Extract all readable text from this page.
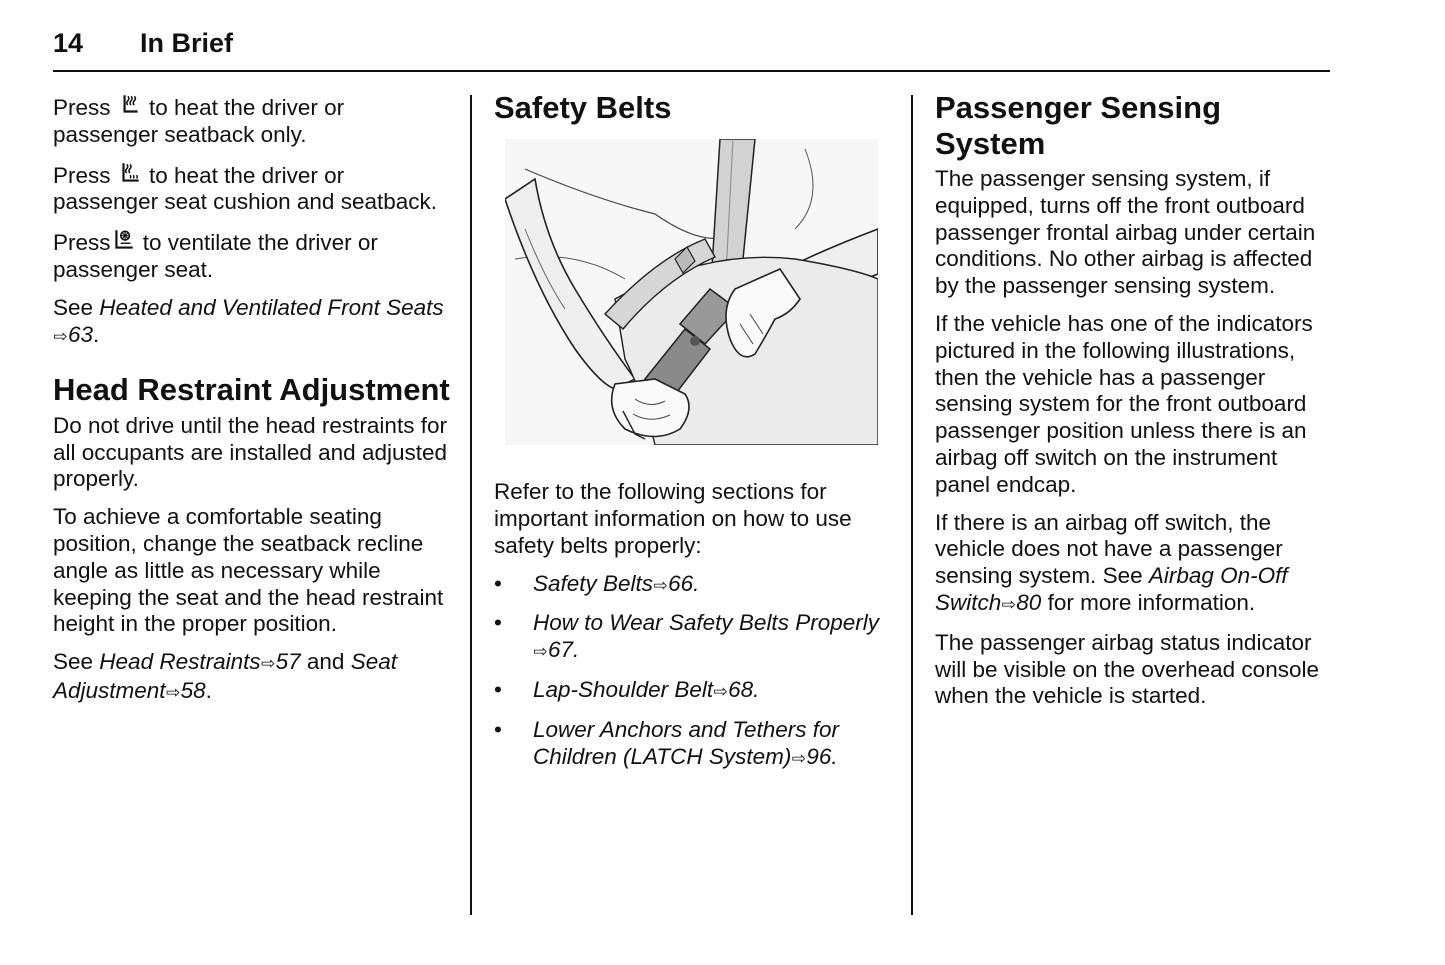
14 In Brief

Press  to heat the driver or passenger seatback only.

Press  to heat the driver or passenger seat cushion and seatback.

Press to ventilate the driver or passenger seat.

See Heated and Ventilated Front Seats⇨63.

Head Restraint Adjustment

Do not drive until the head restraints for all occupants are installed and adjusted properly.

To achieve a comfortable seating position, change the seatback recline angle as little as necessary while keeping the seat and the head restraint height in the proper position.

See Head Restraints⇨57 and Seat Adjustment⇨58.

Safety Belts

Refer to the following sections for important information on how to use safety belts properly:

• Safety Belts⇨66.
• How to Wear Safety Belts Properly⇨67.
• Lap-Shoulder Belt⇨68.
• Lower Anchors and Tethers for Children (LATCH System)⇨96.
Passenger Sensing System

The passenger sensing system, if equipped, turns off the front outboard passenger frontal airbag under certain conditions. No other airbag is affected by the passenger sensing system.

If the vehicle has one of the indicators pictured in the following illustrations, then the vehicle has a passenger sensing system for the front outboard passenger position unless there is an airbag off switch on the instrument panel endcap.

If there is an airbag off switch, the vehicle does not have a passenger sensing system. See Airbag On-Off Switch⇨80 for more information.

The passenger airbag status indicator will be visible on the overhead console when the vehicle is started.
